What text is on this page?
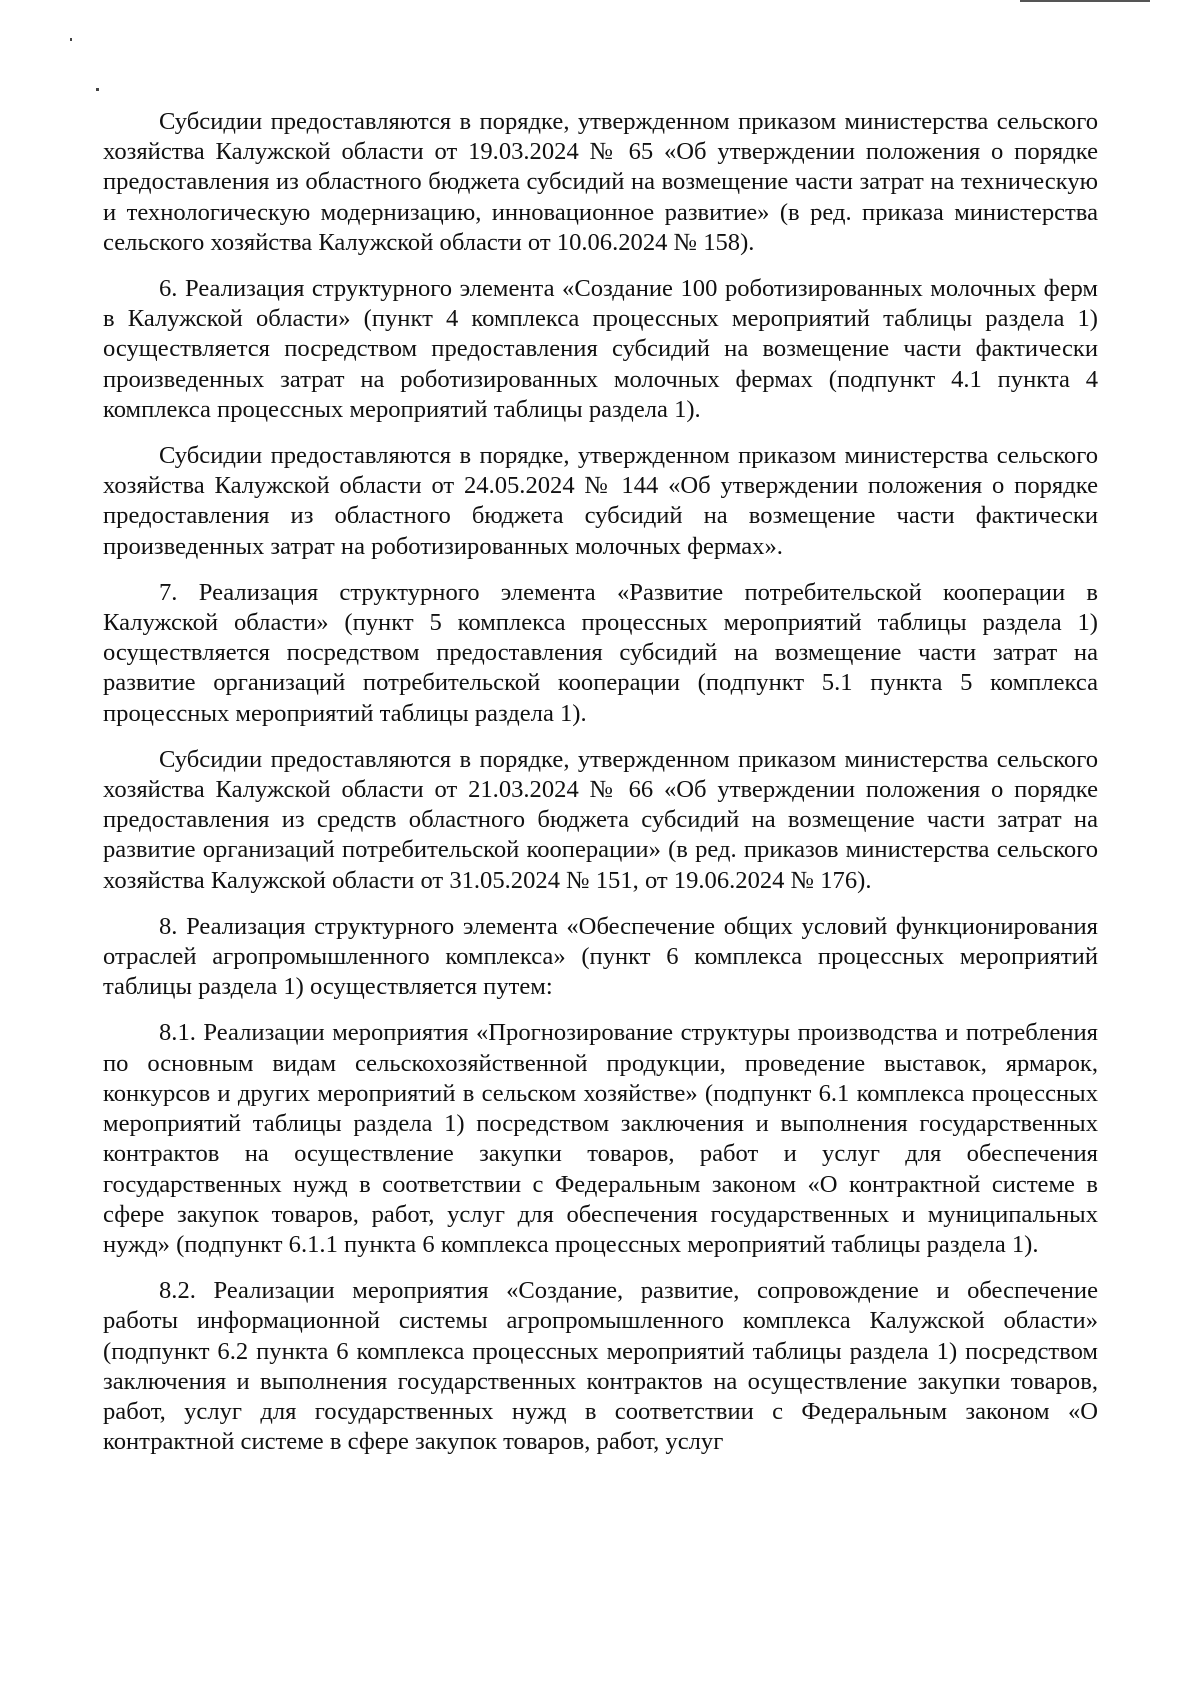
Субсидии предоставляются в порядке, утвержденном приказом министерства сельского хозяйства Калужской области от 19.03.2024 № 65 «Об утверждении положения о порядке предоставления из областного бюджета субсидий на возмещение части затрат на техническую и технологическую модернизацию, инновационное развитие» (в ред. приказа министерства сельского хозяйства Калужской области от 10.06.2024 № 158).

6. Реализация структурного элемента «Создание 100 роботизированных молочных ферм в Калужской области» (пункт 4 комплекса процессных мероприятий таблицы раздела 1) осуществляется посредством предоставления субсидий на возмещение части фактически произведенных затрат на роботизированных молочных фермах (подпункт 4.1 пункта 4 комплекса процессных мероприятий таблицы раздела 1).

Субсидии предоставляются в порядке, утвержденном приказом министерства сельского хозяйства Калужской области от 24.05.2024 № 144 «Об утверждении положения о порядке предоставления из областного бюджета субсидий на возмещение части фактически произведенных затрат на роботизированных молочных фермах».

7. Реализация структурного элемента «Развитие потребительской кооперации в Калужской области» (пункт 5 комплекса процессных мероприятий таблицы раздела 1) осуществляется посредством предоставления субсидий на возмещение части затрат на развитие организаций потребительской кооперации (подпункт 5.1 пункта 5 комплекса процессных мероприятий таблицы раздела 1).

Субсидии предоставляются в порядке, утвержденном приказом министерства сельского хозяйства Калужской области от 21.03.2024 № 66 «Об утверждении положения о порядке предоставления из средств областного бюджета субсидий на возмещение части затрат на развитие организаций потребительской кооперации» (в ред. приказов министерства сельского хозяйства Калужской области от 31.05.2024 № 151, от 19.06.2024 № 176).

8. Реализация структурного элемента «Обеспечение общих условий функционирования отраслей агропромышленного комплекса» (пункт 6 комплекса процессных мероприятий таблицы раздела 1) осуществляется путем:

8.1. Реализации мероприятия «Прогнозирование структуры производства и потребления по основным видам сельскохозяйственной продукции, проведение выставок, ярмарок, конкурсов и других мероприятий в сельском хозяйстве» (подпункт 6.1 комплекса процессных мероприятий таблицы раздела 1) посредством заключения и выполнения государственных контрактов на осуществление закупки товаров, работ и услуг для обеспечения государственных нужд в соответствии с Федеральным законом «О контрактной системе в сфере закупок товаров, работ, услуг для обеспечения государственных и муниципальных нужд» (подпункт 6.1.1 пункта 6 комплекса процессных мероприятий таблицы раздела 1).

8.2. Реализации мероприятия «Создание, развитие, сопровождение и обеспечение работы информационной системы агропромышленного комплекса Калужской области» (подпункт 6.2 пункта 6 комплекса процессных мероприятий таблицы раздела 1) посредством заключения и выполнения государственных контрактов на осуществление закупки товаров, работ, услуг для государственных нужд в соответствии с Федеральным законом «О контрактной системе в сфере закупок товаров, работ, услуг
